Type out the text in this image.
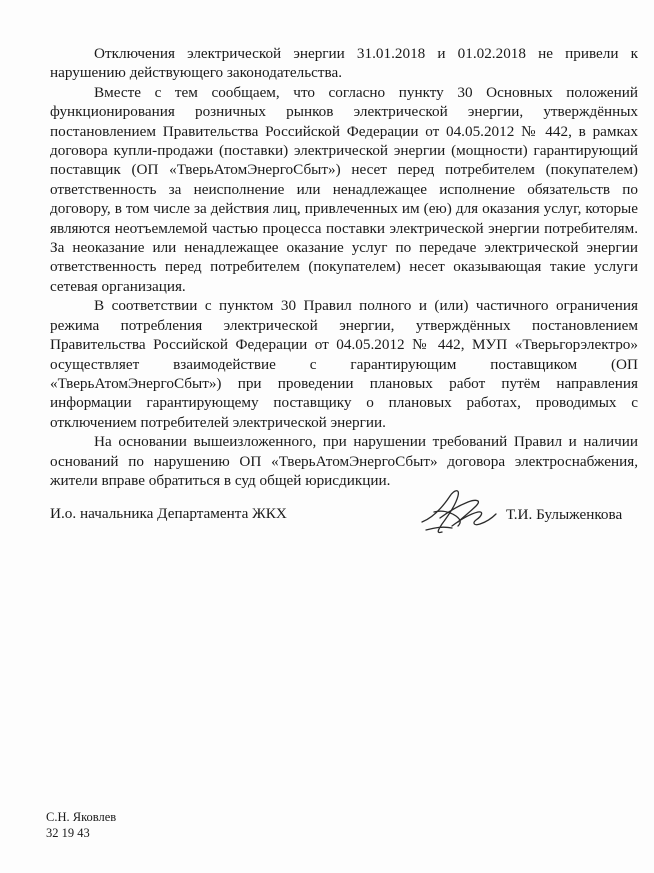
Отключения электрической энергии 31.01.2018 и 01.02.2018 не привели к нарушению действующего законодательства.

Вместе с тем сообщаем, что согласно пункту 30 Основных положений функционирования розничных рынков электрической энергии, утверждённых постановлением Правительства Российской Федерации от 04.05.2012 № 442, в рамках договора купли-продажи (поставки) электрической энергии (мощности) гарантирующий поставщик (ОП «ТверьАтомЭнергоСбыт») несет перед потребителем (покупателем) ответственность за неисполнение или ненадлежащее исполнение обязательств по договору, в том числе за действия лиц, привлеченных им (ею) для оказания услуг, которые являются неотъемлемой частью процесса поставки электрической энергии потребителям. За неоказание или ненадлежащее оказание услуг по передаче электрической энергии ответственность перед потребителем (покупателем) несет оказывающая такие услуги сетевая организация.

В соответствии с пунктом 30 Правил полного и (или) частичного ограничения режима потребления электрической энергии, утверждённых постановлением Правительства Российской Федерации от 04.05.2012 № 442, МУП «Тверьгорэлектро» осуществляет взаимодействие с гарантирующим поставщиком (ОП «ТверьАтомЭнергоСбыт») при проведении плановых работ путём направления информации гарантирующему поставщику о плановых работах, проводимых с отключением потребителей электрической энергии.

На основании вышеизложенного, при нарушении требований Правил и наличии оснований по нарушению ОП «ТверьАтомЭнергоСбыт» договора электроснабжения, жители вправе обратиться в суд общей юрисдикции.

И.о. начальника Департамента ЖКХ	Т.И. Булыженкова
С.Н. Яковлев
32 19 43
